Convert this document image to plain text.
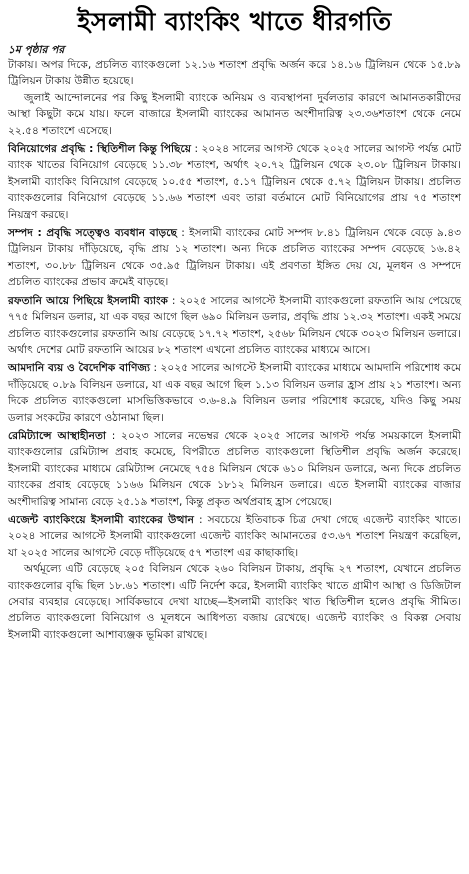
ইসলামী ব্যাংকিং খাতে ধীরগতি
১ম পৃষ্ঠার পর

টাকায়। অপর দিকে, প্রচলিত ব্যাংকগুলো ১২.১৬ শতাংশ প্রবৃদ্ধি অর্জন করে ১৪.১৬ ট্রিলিয়ন থেকে ১৫.৮৯ ট্রিলিয়ন টাকায় উন্নীত হয়েছে।

জুলাই আন্দোলনের পর কিছু ইসলামী ব্যাংকে অনিয়ম ও ব্যবস্থাপনা দুর্বলতার কারণে আমানতকারীদের আস্থা কিছুটা কমে যায়। ফলে বাজারে ইসলামী ব্যাংকের আমানত অংশীদারিত্ব ২৩.৩৬শতাংশ থেকে নেমে ২২.৫৪ শতাংশে এসেছে।

বিনিয়োগের প্রবৃদ্ধি : স্থিতিশীল কিন্তু পিছিয়ে : ২০২৪ সালের আগস্ট থেকে ২০২৫ সালের আগস্ট পর্যন্ত মোট ব্যাংক খাতের বিনিয়োগ বেড়েছে ১১.৩৮ শতাংশ, অর্থাৎ ২০.৭২ ট্রিলিয়ন থেকে ২৩.০৮ ট্রিলিয়ন টাকায়। ইসলামী ব্যাংকিং বিনিয়োগ বেড়েছে ১০.৫৫ শতাংশ, ৫.১৭ ট্রিলিয়ন থেকে ৫.৭২ ট্রিলিয়ন টাকায়। প্রচলিত ব্যাংকগুলোর বিনিয়োগ বেড়েছে ১১.৬৬ শতাংশ এবং তারা বর্তমানে মোট বিনিয়োগের প্রায় ৭৫ শতাংশ নিয়ন্ত্রণ করছে।

সম্পদ : প্রবৃদ্ধি সত্ত্বেও ব্যবধান বাড়ছে : ইসলামী ব্যাংকের মোট সম্পদ ৮.৪১ ট্রিলিয়ন থেকে বেড়ে ৯.৪৩ ট্রিলিয়ন টাকায় দাঁড়িয়েছে, বৃদ্ধি প্রায় ১২ শতাংশ। অন্য দিকে প্রচলিত ব্যাংকের সম্পদ বেড়েছে ১৬.৪২ শতাংশ, ৩০.৮৮ ট্রিলিয়ন থেকে ৩৫.৯৫ ট্রিলিয়ন টাকায়। এই প্রবণতা ইঙ্গিত দেয় যে, মূলধন ও সম্পদে প্রচলিত ব্যাংকের প্রভাব ক্রমেই বাড়ছে।

রফতানি আয়ে পিছিয়ে ইসলামী ব্যাংক : ২০২৫ সালের আগস্টে ইসলামী ব্যাংকগুলো রফতানি আয় পেয়েছে ৭৭৫ মিলিয়ন ডলার, যা এক বছর আগে ছিল ৬৯০ মিলিয়ন ডলার, প্রবৃদ্ধি প্রায় ১২.৩২ শতাংশ। একই সময়ে প্রচলিত ব্যাংকগুলোর রফতানি আয় বেড়েছে ১৭.৭২ শতাংশ, ২৫৬৮ মিলিয়ন থেকে ৩০২৩ মিলিয়ন ডলারে। অর্থাৎ দেশের মোট রফতানি আয়ের ৮২ শতাংশ এখনো প্রচলিত ব্যাংকের মাধ্যমে আসে।

আমদানি ব্যয় ও বৈদেশিক বাণিজ্য : ২০২৫ সালের আগস্টে ইসলামী ব্যাংকের মাধ্যমে আমদানি পরিশোধ কমে দাঁড়িয়েছে ০.৮৯ বিলিয়ন ডলারে, যা এক বছর আগে ছিল ১.১৩ বিলিয়ন ডলার হ্রাস প্রায় ২১ শতাংশ। অন্য দিকে প্রচলিত ব্যাংকগুলো মাসভিত্তিকভাবে ৩.৬-৪.৯ বিলিয়ন ডলার পরিশোধ করেছে, যদিও কিছু সময় ডলার সংকটের কারণে ওঠানামা ছিল।

রেমিট্যান্সে আস্থাহীনতা : ২০২৩ সালের নভেম্বর থেকে ২০২৫ সালের আগস্ট পর্যন্ত সময়কালে ইসলামী ব্যাংকগুলোর রেমিট্যান্স প্রবাহ কমেছে, বিপরীতে প্রচলিত ব্যাংকগুলো স্থিতিশীল প্রবৃদ্ধি অর্জন করেছে। ইসলামী ব্যাংকের মাধ্যমে রেমিট্যান্স নেমেছে ৭৫৪ মিলিয়ন থেকে ৬১০ মিলিয়ন ডলারে, অন্য দিকে প্রচলিত ব্যাংকের প্রবাহ বেড়েছে ১১৬৬ মিলিয়ন থেকে ১৮১২ মিলিয়ন ডলারে। এতে ইসলামী ব্যাংকের বাজার অংশীদারিত্ব সামান্য বেড়ে ২৫.১৯ শতাংশ, কিন্তু প্রকৃত অর্থপ্রবাহ হ্রাস পেয়েছে।

এজেন্ট ব্যাংকিংয়ে ইসলামী ব্যাংকের উত্থান : সবচেয়ে ইতিবাচক চিত্র দেখা গেছে এজেন্ট ব্যাংকিং খাতে। ২০২৪ সালের আগস্টে ইসলামী ব্যাংকগুলো এজেন্ট ব্যাংকিং আমানতের ৫৩.৬৭ শতাংশ নিয়ন্ত্রণ করেছিল, যা ২০২৫ সালের আগস্টে বেড়ে দাঁড়িয়েছে ৫৭ শতাংশ এর কাছাকাছি।

অর্থমূল্যে এটি বেড়েছে ২০৫ বিলিয়ন থেকে ২৬০ বিলিয়ন টাকায়, প্রবৃদ্ধি ২৭ শতাংশ, যেখানে প্রচলিত ব্যাংকগুলোর বৃদ্ধি ছিল ১৮.৬১ শতাংশ। এটি নির্দেশ করে, ইসলামী ব্যাংকিং খাতে গ্রামীণ আস্থা ও ডিজিটাল সেবার ব্যবহার বেড়েছে। সার্বিকভাবে দেখা যাচ্ছে—ইসলামী ব্যাংকিং খাত স্থিতিশীল হলেও প্রবৃদ্ধি সীমিত। প্রচলিত ব্যাংকগুলো বিনিয়োগ ও মূলধনে আধিপত্য বজায় রেখেছে। এজেন্ট ব্যাংকিং ও বিকল্প সেবায় ইসলামী ব্যাংকগুলো আশাব্যঞ্জক ভূমিকা রাখছে।
